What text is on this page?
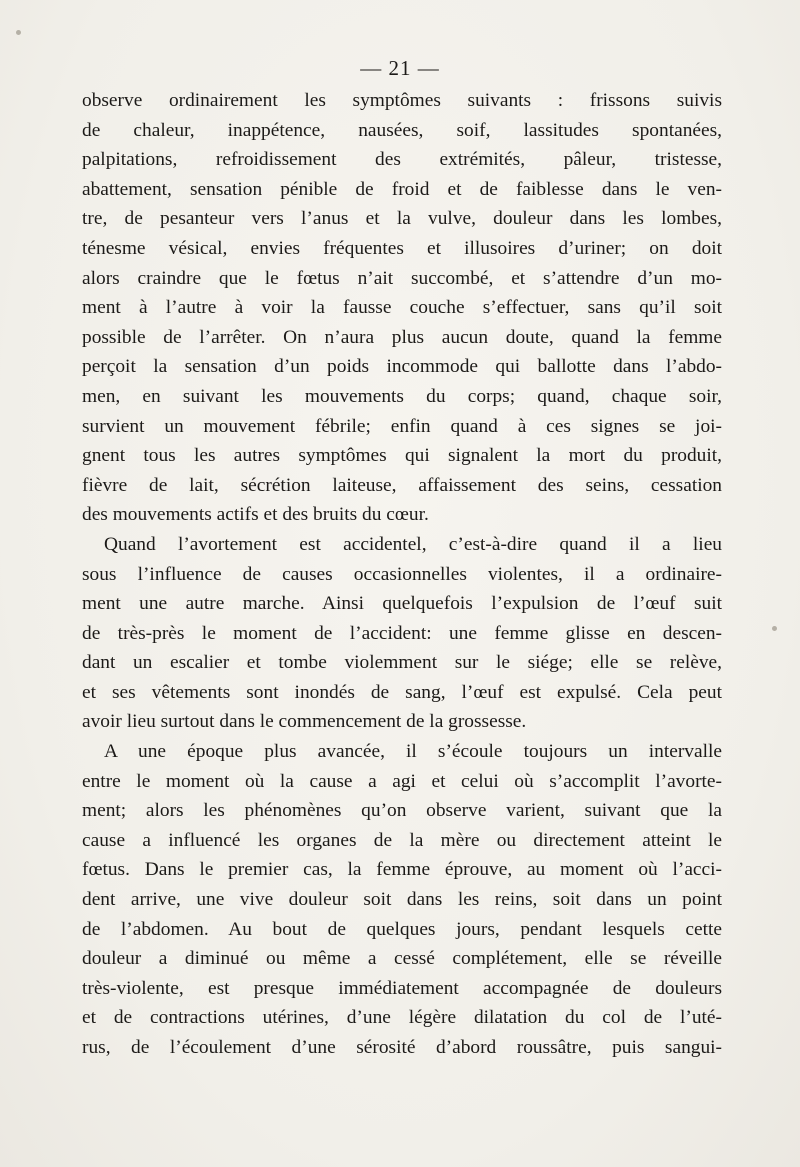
— 21 —

observe ordinairement les symptômes suivants : frissons suivis

de chaleur, inappétence, nausées, soif, lassitudes spontanées,

palpitations, refroidissement des extrémités, pâleur, tristesse,

abattement, sensation pénible de froid et de faiblesse dans le ven-

tre, de pesanteur vers l’anus et la vulve, douleur dans les lombes,

ténesme vésical, envies fréquentes et illusoires d’uriner; on doit

alors craindre que le fœtus n’ait succombé, et s’attendre d’un mo-

ment à l’autre à voir la fausse couche s’effectuer, sans qu’il soit

possible de l’arrêter. On n’aura plus aucun doute, quand la femme

perçoit la sensation d’un poids incommode qui ballotte dans l’abdo-

men, en suivant les mouvements du corps; quand, chaque soir,

survient un mouvement fébrile; enfin quand à ces signes se joi-

gnent tous les autres symptômes qui signalent la mort du produit,

fièvre de lait, sécrétion laiteuse, affaissement des seins, cessation

des mouvements actifs et des bruits du cœur.

Quand l’avortement est accidentel, c’est-à-dire quand il a lieu

sous l’influence de causes occasionnelles violentes, il a ordinaire-

ment une autre marche. Ainsi quelquefois l’expulsion de l’œuf suit

de très-près le moment de l’accident: une femme glisse en descen-

dant un escalier et tombe violemment sur le siége; elle se relève,

et ses vêtements sont inondés de sang, l’œuf est expulsé. Cela peut

avoir lieu surtout dans le commencement de la grossesse.

A une époque plus avancée, il s’écoule toujours un intervalle

entre le moment où la cause a agi et celui où s’accomplit l’avorte-

ment; alors les phénomènes qu’on observe varient, suivant que la

cause a influencé les organes de la mère ou directement atteint le

fœtus. Dans le premier cas, la femme éprouve, au moment où l’acci-

dent arrive, une vive douleur soit dans les reins, soit dans un point

de l’abdomen. Au bout de quelques jours, pendant lesquels cette

douleur a diminué ou même a cessé complétement, elle se réveille

très-violente, est presque immédiatement accompagnée de douleurs

et de contractions utérines, d’une légère dilatation du col de l’uté-

rus, de l’écoulement d’une sérosité d’abord roussâtre, puis sangui-
